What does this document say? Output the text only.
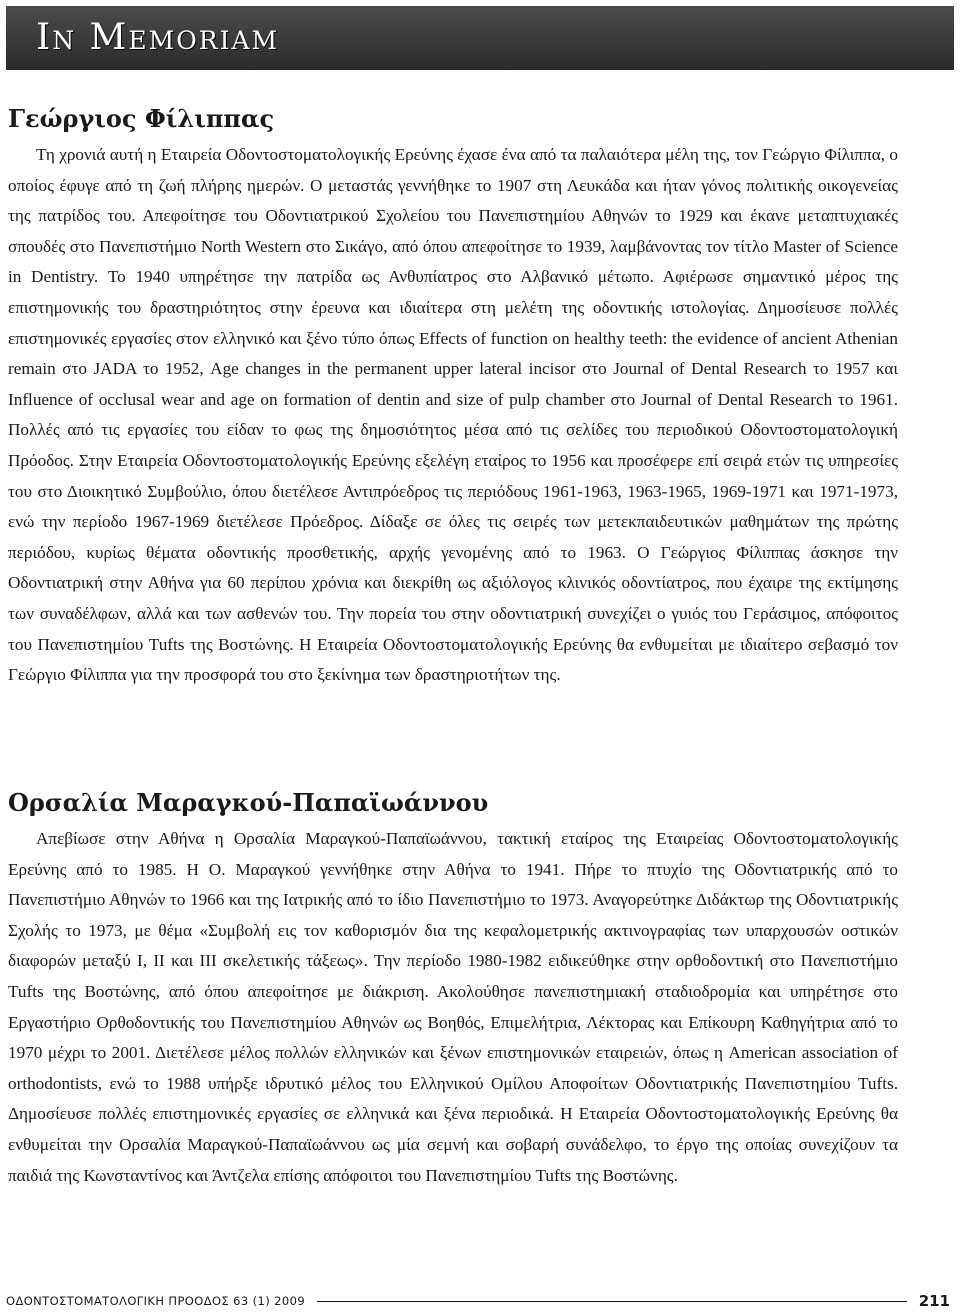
In Memoriam
Γεώργιος Φίλιππας

Τη χρονιά αυτή η Εταιρεία Οδοντοστοματολογικής Ερεύνης έχασε ένα από τα παλαιότερα μέλη της, τον Γεώργιο Φίλιππα, ο οποίος έφυγε από τη ζωή πλήρης ημερών. Ο μεταστάς γεννήθηκε το 1907 στη Λευκάδα και ήταν γόνος πολιτικής οικογενείας της πατρίδος του. Απεφοίτησε του Οδοντιατρικού Σχολείου του Πανεπιστημίου Αθηνών το 1929 και έκανε μεταπτυχιακές σπουδές στο Πανεπιστήμιο North Western στο Σικάγο, από όπου απεφοίτησε το 1939, λαμβάνοντας τον τίτλο Master of Science in Dentistry. Το 1940 υπηρέτησε την πατρίδα ως Ανθυπίατρος στο Αλβανικό μέτωπο. Αφιέρωσε σημαντικό μέρος της επιστημονικής του δραστηριότητος στην έρευνα και ιδιαίτερα στη μελέτη της οδοντικής ιστολογίας. Δημοσίευσε πολλές επιστημονικές εργασίες στον ελληνικό και ξένο τύπο όπως Effects of function on healthy teeth: the evidence of ancient Athenian remain στο JADA το 1952, Age changes in the permanent upper lateral incisor στο Journal of Dental Research το 1957 και Influence of occlusal wear and age on formation of dentin and size of pulp chamber στο Journal of Dental Research το 1961. Πολλές από τις εργασίες του είδαν το φως της δημοσιότητος μέσα από τις σελίδες του περιοδικού Οδοντοστοματολογική Πρόοδος. Στην Εταιρεία Οδοντοστοματολογικής Ερεύνης εξελέγη εταίρος το 1956 και προσέφερε επί σειρά ετών τις υπηρεσίες του στο Διοικητικό Συμβούλιο, όπου διετέλεσε Αντιπρόεδρος τις περιόδους 1961-1963, 1963-1965, 1969-1971 και 1971-1973, ενώ την περίοδο 1967-1969 διετέλεσε Πρόεδρος. Δίδαξε σε όλες τις σειρές των μετεκπαιδευτικών μαθημάτων της πρώτης περιόδου, κυρίως θέματα οδοντικής προσθετικής, αρχής γενομένης από το 1963. Ο Γεώργιος Φίλιππας άσκησε την Οδοντιατρική στην Αθήνα για 60 περίπου χρόνια και διεκρίθη ως αξιόλογος κλινικός οδοντίατρος, που έχαιρε της εκτίμησης των συναδέλφων, αλλά και των ασθενών του. Την πορεία του στην οδοντιατρική συνεχίζει ο γυιός του Γεράσιμος, απόφοιτος του Πανεπιστημίου Tufts της Βοστώνης. Η Εταιρεία Οδοντοστοματολογικής Ερεύνης θα ενθυμείται με ιδιαίτερο σεβασμό τον Γεώργιο Φίλιππα για την προσφορά του στο ξεκίνημα των δραστηριοτήτων της.

Ορσαλία Μαραγκού-Παπαϊωάννου

Απεβίωσε στην Αθήνα η Ορσαλία Μαραγκού-Παπαϊωάννου, τακτική εταίρος της Εταιρείας Οδοντοστοματολογικής Ερεύνης από το 1985. Η Ο. Μαραγκού γεννήθηκε στην Αθήνα το 1941. Πήρε το πτυχίο της Οδοντιατρικής από το Πανεπιστήμιο Αθηνών το 1966 και της Ιατρικής από το ίδιο Πανεπιστήμιο το 1973. Αναγορεύτηκε Διδάκτωρ της Οδοντιατρικής Σχολής το 1973, με θέμα «Συμβολή εις τον καθορισμόν δια της κεφαλομετρικής ακτινογραφίας των υπαρχουσών οστικών διαφορών μεταξύ Ι, ΙΙ και ΙΙΙ σκελετικής τάξεως». Την περίοδο 1980-1982 ειδικεύθηκε στην ορθοδοντική στο Πανεπιστήμιο Tufts της Βοστώνης, από όπου απεφοίτησε με διάκριση. Ακολούθησε πανεπιστημιακή σταδιοδρομία και υπηρέτησε στο Εργαστήριο Ορθοδοντικής του Πανεπιστημίου Αθηνών ως Βοηθός, Επιμελήτρια, Λέκτορας και Επίκουρη Καθηγήτρια από το 1970 μέχρι το 2001. Διετέλεσε μέλος πολλών ελληνικών και ξένων επιστημονικών εταιρειών, όπως η American association of orthodontists, ενώ το 1988 υπήρξε ιδρυτικό μέλος του Ελληνικού Ομίλου Αποφοίτων Οδοντιατρικής Πανεπιστημίου Tufts. Δημοσίευσε πολλές επιστημονικές εργασίες σε ελληνικά και ξένα περιοδικά. Η Εταιρεία Οδοντοστοματολογικής Ερεύνης θα ενθυμείται την Ορσαλία Μαραγκού-Παπαϊωάννου ως μία σεμνή και σοβαρή συνάδελφο, το έργο της οποίας συνεχίζουν τα παιδιά της Κωνσταντίνος και Άντζελα επίσης απόφοιτοι του Πανεπιστημίου Tufts της Βοστώνης.

ΟΔΟΝΤΟΣΤΟΜΑΤΟΛΟΓΙΚΗ ΠΡΟΟΔΟΣ 63 (1) 2009	211
